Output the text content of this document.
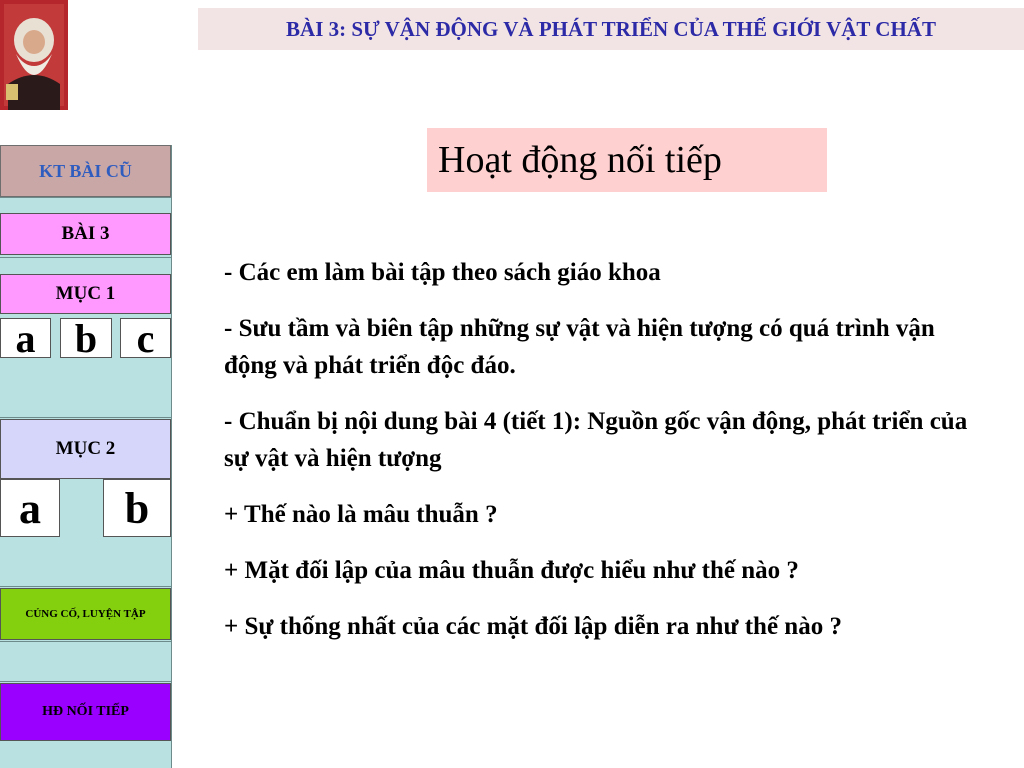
BÀI 3: SỰ VẬN ĐỘNG VÀ PHÁT TRIỂN CỦA THẾ GIỚI VẬT CHẤT
KT BÀI CŨ
BÀI 3
MỤC 1
a b c
MỤC 2
a	b
CỦNG CỐ, LUYỆN TẬP
HĐ NỐI TIẾP
Hoạt động nối tiếp

- Các em làm bài tập theo sách giáo khoa

- Sưu tầm và biên tập những sự vật và hiện tượng có quá trình vận động và phát triển độc đáo.

- Chuẩn bị nội dung bài 4 (tiết 1): Nguồn gốc vận động, phát triển của sự vật và hiện tượng

+ Thế nào là mâu thuẫn ?

+ Mặt đối lập của mâu thuẫn được hiểu như thế nào ?

+ Sự thống nhất của các mặt đối lập diễn ra như thế nào ?
